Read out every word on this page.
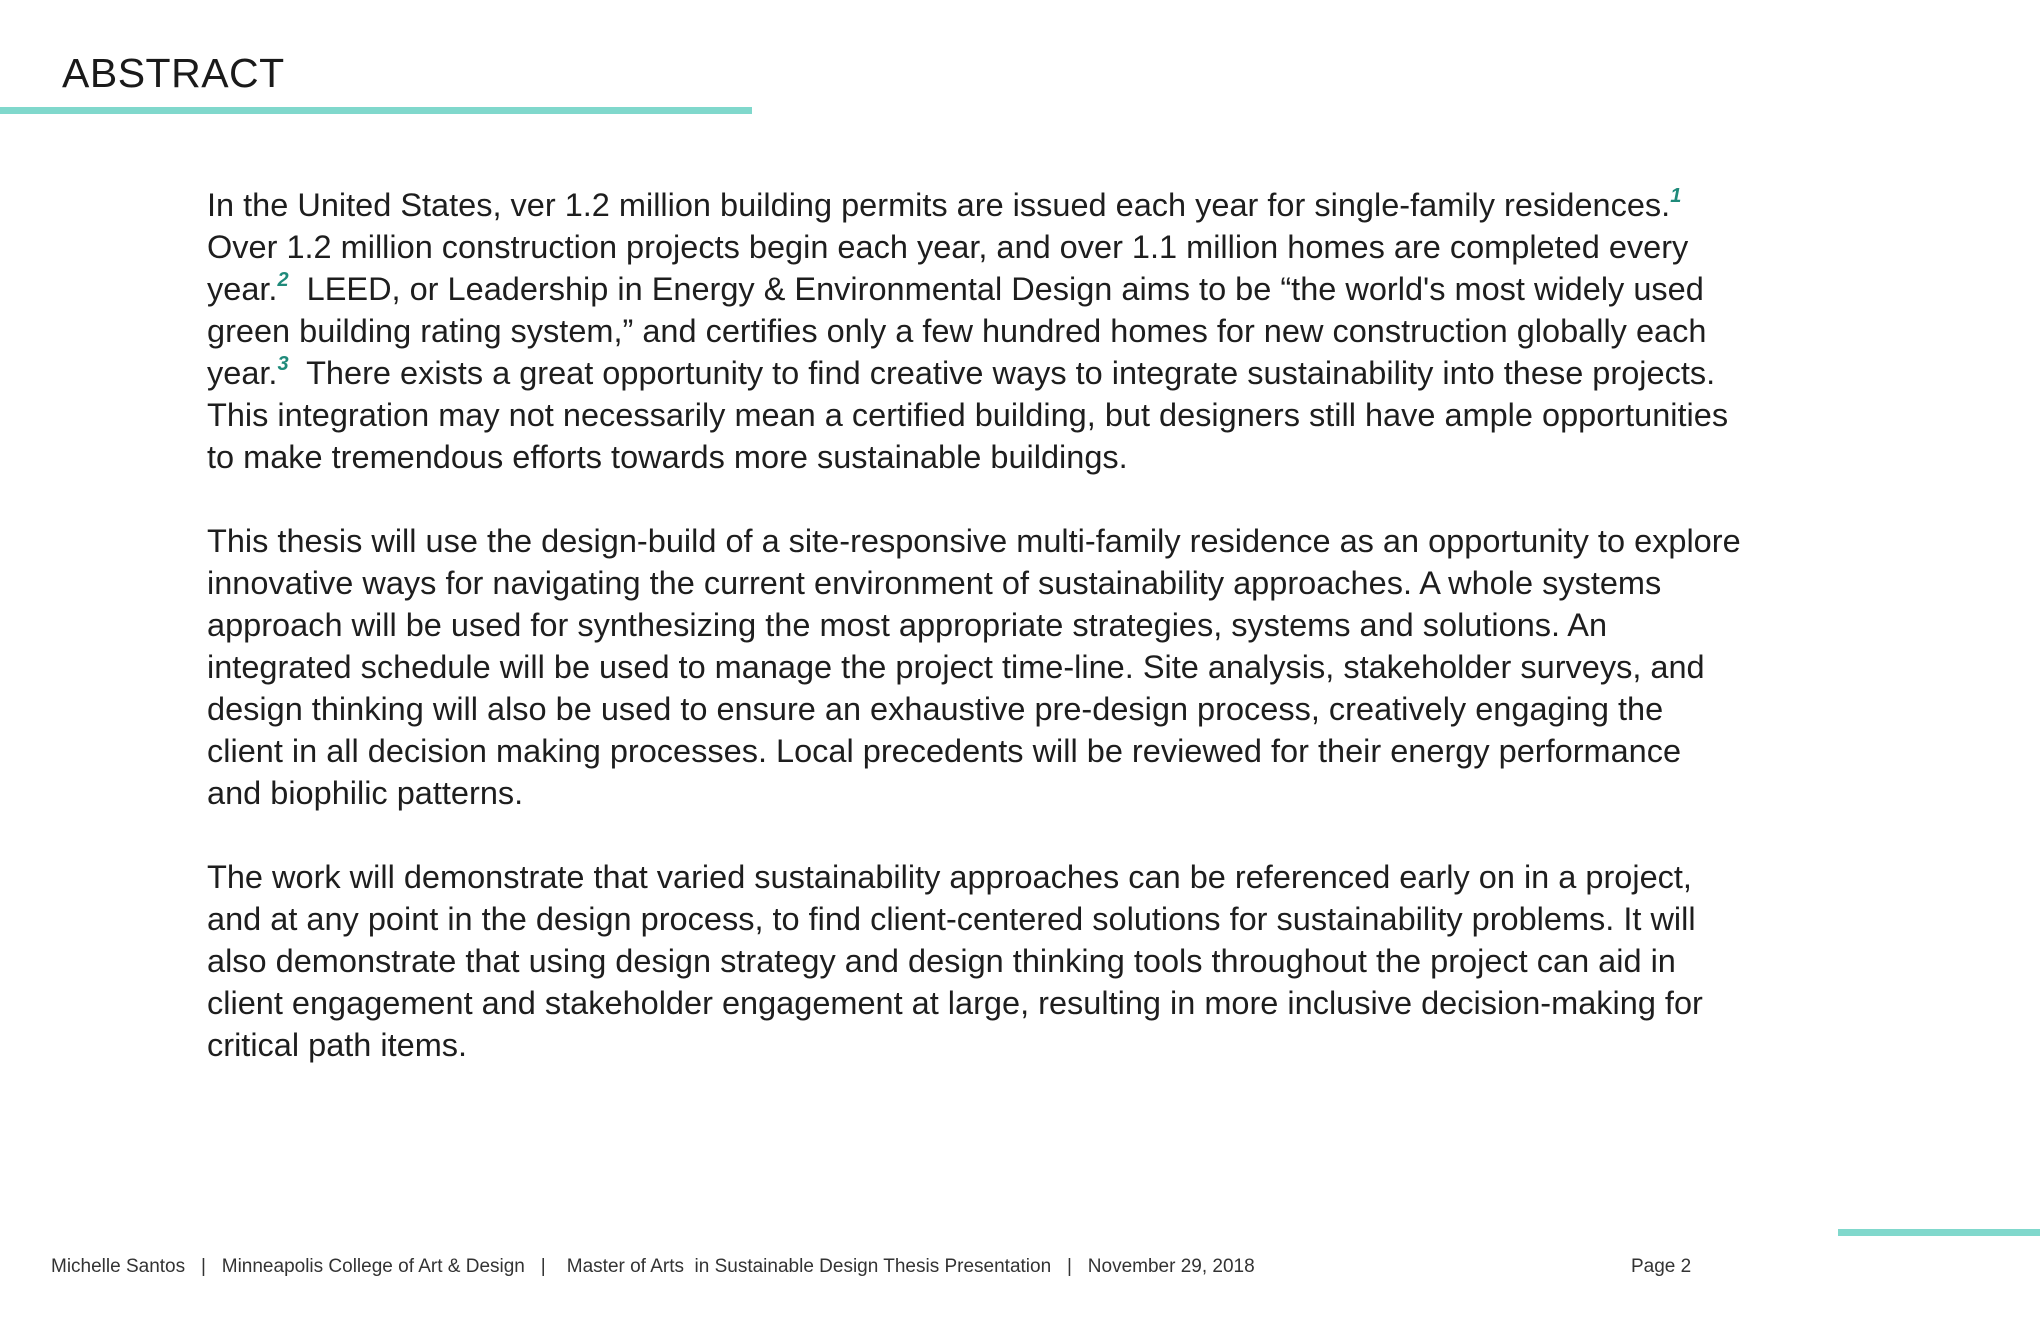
ABSTRACT

In the United States, ver 1.2 million building permits are issued each year for single-family residences.$^1$
Over 1.2 million construction projects begin each year, and over 1.1 million homes are completed every
year.$^2$  LEED, or Leadership in Energy & Environmental Design aims to be “the world's most widely used
green building rating system,” and certifies only a few hundred homes for new construction globally each
year.$^3$  There exists a great opportunity to find creative ways to integrate sustainability into these projects.
This integration may not necessarily mean a certified building, but designers still have ample opportunities
to make tremendous efforts towards more sustainable buildings.

This thesis will use the design-build of a site-responsive multi-family residence as an opportunity to explore
innovative ways for navigating the current environment of sustainability approaches. A whole systems
approach will be used for synthesizing the most appropriate strategies, systems and solutions. An
integrated schedule will be used to manage the project time-line. Site analysis, stakeholder surveys, and
design thinking will also be used to ensure an exhaustive pre-design process, creatively engaging the
client in all decision making processes. Local precedents will be reviewed for their energy performance
and biophilic patterns.

The work will demonstrate that varied sustainability approaches can be referenced early on in a project,
and at any point in the design process, to find client-centered solutions for sustainability problems. It will
also demonstrate that using design strategy and design thinking tools throughout the project can aid in
client engagement and stakeholder engagement at large, resulting in more inclusive decision-making for
critical path items.

Michelle Santos | Minneapolis College of Art & Design | Master of Arts  in Sustainable Design Thesis Presentation | November 29, 2018	Page 2
